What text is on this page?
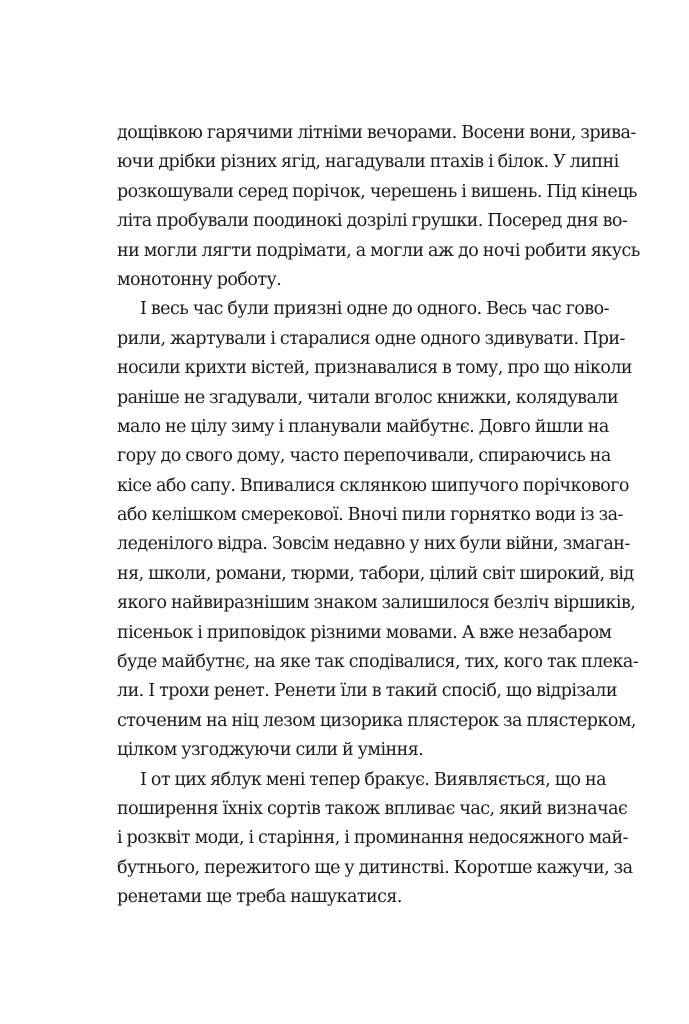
дощівкою гарячими літніми вечорами. Восени вони, зрива-
ючи дрібки різних ягід, нагадували птахів і білок. У липні
розкошували серед порічок, черешень і вишень. Під кінець
літа пробували поодинокі дозрілі грушки. Посеред дня во-
ни могли лягти подрімати, а могли аж до ночі робити якусь
монотонну роботу.
І весь час були приязні одне до одного. Весь час гово-
рили, жартували і старалися одне одного здивувати. При-
носили крихти вістей, признавалися в тому, про що ніколи
раніше не згадували, читали вголос книжки, колядували
мало не цілу зиму і планували майбутнє. Довго йшли на
гору до свого дому, часто перепочивали, спираючись на
кісе або сапу. Впивалися склянкою шипучого порічкового
або келішком смерекової. Вночі пили горнятко води із за-
леденілого відра. Зовсім недавно у них були війни, змаган-
ня, школи, романи, тюрми, табори, цілий світ широкий, від
якого найвиразнішим знаком залишилося безліч віршиків,
пісеньок і приповідок різними мовами. А вже незабаром
буде майбутнє, на яке так сподівалися, тих, кого так плека-
ли. І трохи ренет. Ренети їли в такий спосіб, що відрізали
сточеним на ніц лезом цизорика плястерок за плястерком,
цілком узгоджуючи сили й уміння.
І от цих яблук мені тепер бракує. Виявляється, що на
поширення їхніх сортів також впливає час, який визначає
і розквіт моди, і старіння, і проминання недосяжного май-
бутнього, пережитого ще у дитинстві. Коротше кажучи, за
ренетами ще треба нашукатися.
